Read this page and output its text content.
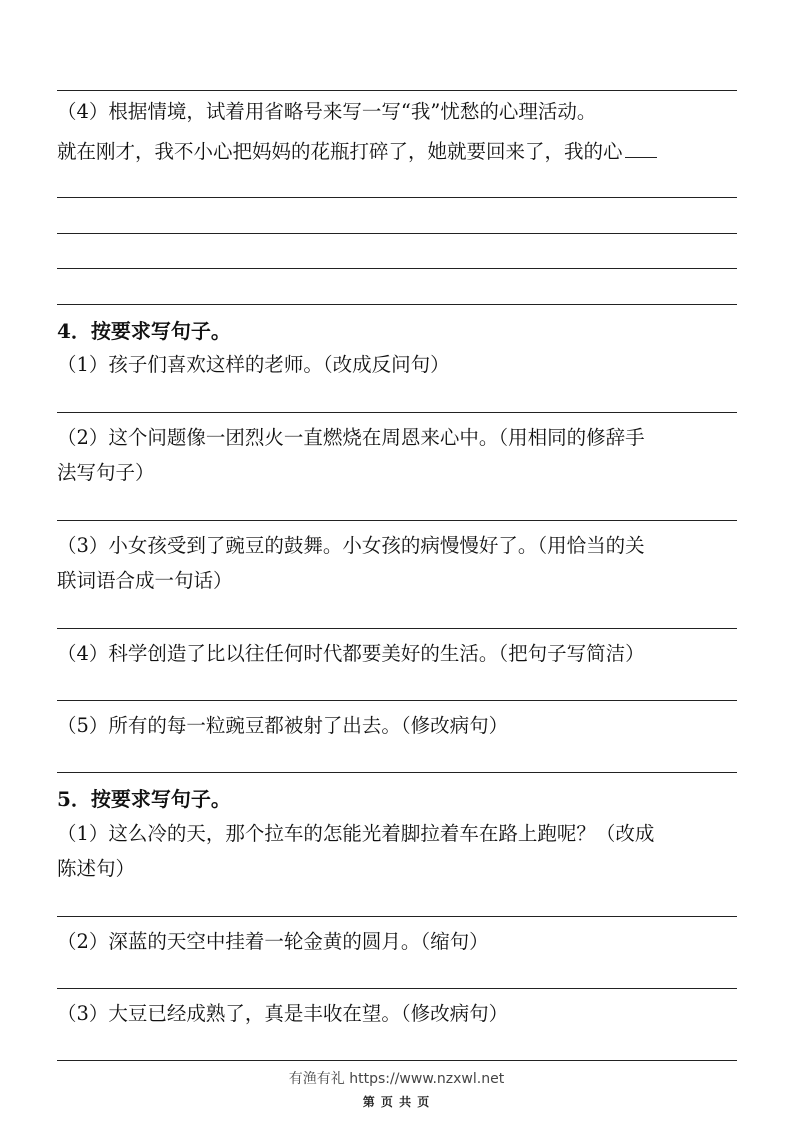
（4）根据情境，试着用省略号来写一写“我”忧愁的心理活动。
就在刚才，我不小心把妈妈的花瓶打碎了，她就要回来了，我的心
4．按要求写句子。
（1）孩子们喜欢这样的老师。（改成反问句）
（2）这个问题像一团烈火一直燃烧在周恩来心中。（用相同的修辞手
法写句子）
（3）小女孩受到了豌豆的鼓舞。小女孩的病慢慢好了。（用恰当的关
联词语合成一句话）
（4）科学创造了比以往任何时代都要美好的生活。（把句子写简洁）
（5）所有的每一粒豌豆都被射了出去。（修改病句）
5．按要求写句子。
（1）这么冷的天，那个拉车的怎能光着脚拉着车在路上跑呢？（改成
陈述句）
（2）深蓝的天空中挂着一轮金黄的圆月。（缩句）
（3）大豆已经成熟了，真是丰收在望。（修改病句）
有渔有礼 https://www.nzxwl.net
第 页 共 页
